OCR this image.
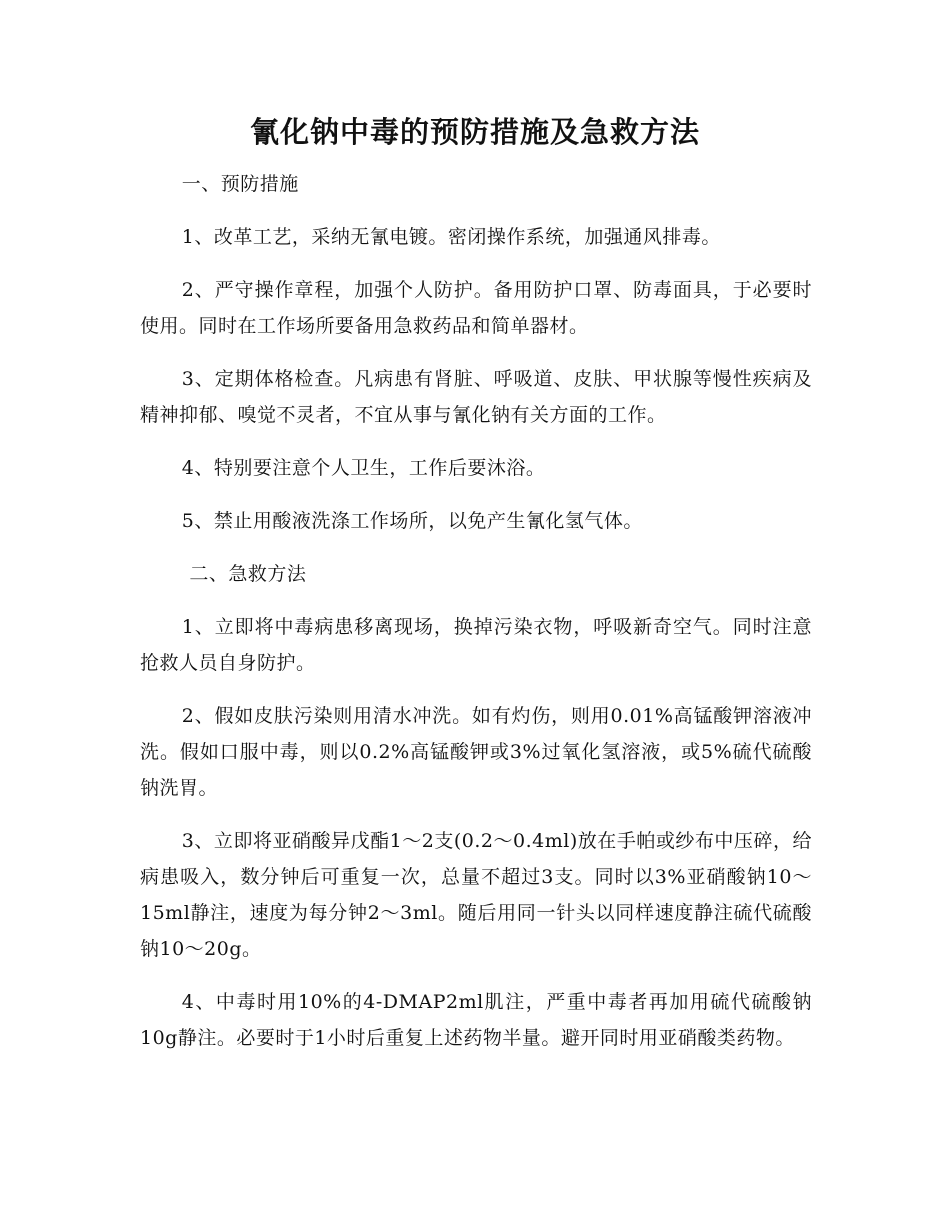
氰化钠中毒的预防措施及急救方法

一、预防措施

1、改革工艺，采纳无氰电镀。密闭操作系统，加强通风排毒。

2、严守操作章程，加强个人防护。备用防护口罩、防毒面具，于必要时使用。同时在工作场所要备用急救药品和简单器材。

3、定期体格检查。凡病患有肾脏、呼吸道、皮肤、甲状腺等慢性疾病及精神抑郁、嗅觉不灵者，不宜从事与氰化钠有关方面的工作。

4、特别要注意个人卫生，工作后要沐浴。

5、禁止用酸液洗涤工作场所，以免产生氰化氢气体。

二、急救方法

1、立即将中毒病患移离现场，换掉污染衣物，呼吸新奇空气。同时注意抢救人员自身防护。

2、假如皮肤污染则用清水冲洗。如有灼伤，则用0.01%高锰酸钾溶液冲洗。假如口服中毒，则以0.2%高锰酸钾或3%过氧化氢溶液，或5%硫代硫酸钠洗胃。

3、立即将亚硝酸异戊酯1～2支(0.2～0.4ml)放在手帕或纱布中压碎，给病患吸入，数分钟后可重复一次，总量不超过3支。同时以3%亚硝酸钠10～15ml静注，速度为每分钟2～3ml。随后用同一针头以同样速度静注硫代硫酸钠10～20g。

4、中毒时用10%的4-DMAP2ml肌注，严重中毒者再加用硫代硫酸钠10g静注。必要时于1小时后重复上述药物半量。避开同时用亚硝酸类药物。
